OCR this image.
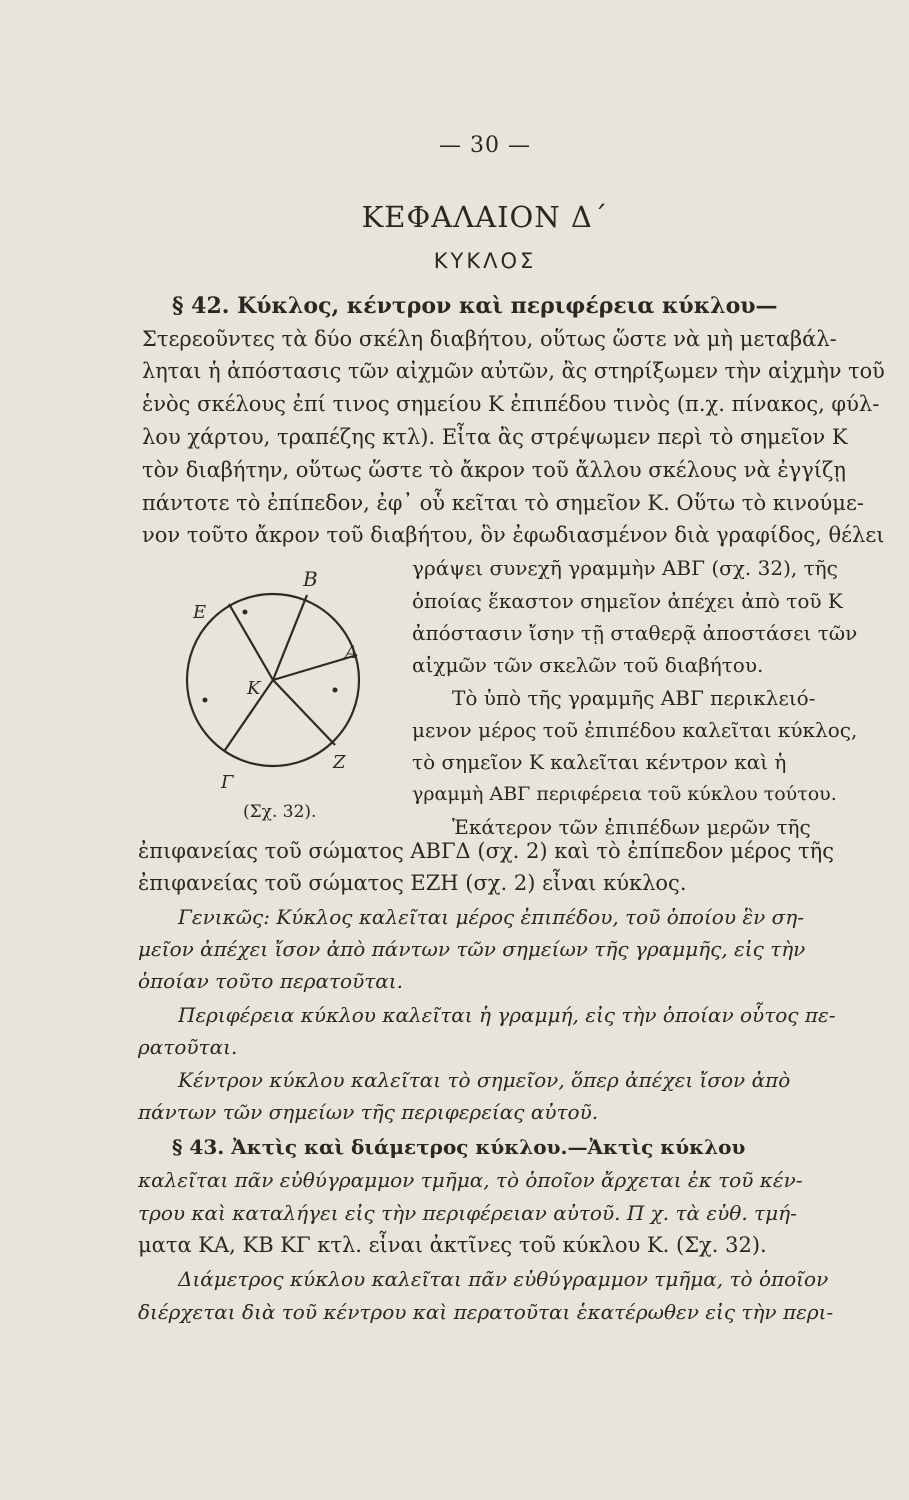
— 30 —
ΚΕΦΑΛΑΙΟΝ Δ΄
ΚΥΚΛΟΣ
§ 42. Κύκλος, κέντρον καὶ περιφέρεια κύκλου—
Στερεοῦντες τὰ δύο σκέλη διαβήτου, οὕτως ὥστε νὰ μὴ μεταβάλ-
ληται ἡ ἀπόστασις τῶν αἰχμῶν αὐτῶν, ἂς στηρίξωμεν τὴν αἰχμὴν τοῦ
ἑνὸς σκέλους ἐπί τινος σημείου Κ ἐπιπέδου τινὸς (π.χ. πίνακος, φύλ-
λου χάρτου, τραπέζης κτλ). Εἶτα ἂς στρέψωμεν περὶ τὸ σημεῖον Κ
τὸν διαβήτην, οὕτως ὥστε τὸ ἄκρον τοῦ ἄλλου σκέλους νὰ ἐγγίζῃ
πάντοτε τὸ ἐπίπεδον, ἐφ᾽ οὗ κεῖται τὸ σημεῖον Κ. Οὕτω τὸ κινούμε-
νον τοῦτο ἄκρον τοῦ διαβήτου, ὃν ἐφωδιασμένον διὰ γραφίδος, θέλει
γράψει συνεχῆ γραμμὴν ΑΒΓ (σχ. 32), τῆς
ὁποίας ἕκαστον σημεῖον ἀπέχει ἀπὸ τοῦ Κ
ἀπόστασιν ἴσην τῇ σταθερᾷ ἀποστάσει τῶν
αἰχμῶν τῶν σκελῶν τοῦ διαβήτου.
Τὸ ὑπὸ τῆς γραμμῆς ΑΒΓ περικλειό-
μενον μέρος τοῦ ἐπιπέδου καλεῖται κύκλος,
τὸ σημεῖον Κ καλεῖται κέντρον καὶ ἡ
γραμμὴ ΑΒΓ περιφέρεια τοῦ κύκλου τούτου.
Ἑκάτερον τῶν ἐπιπέδων μερῶν τῆς
E
B
A
K
Z
Γ
(Σχ. 32).
ἐπιφανείας τοῦ σώματος ΑΒΓΔ (σχ. 2) καὶ τὸ ἐπίπεδον μέρος τῆς
ἐπιφανείας τοῦ σώματος ΕΖΗ (σχ. 2) εἶναι κύκλος.
Γενικῶς: Κύκλος καλεῖται μέρος ἐπιπέδου, τοῦ ὁποίου ἓν ση-
μεῖον ἀπέχει ἴσον ἀπὸ πάντων τῶν σημείων τῆς γραμμῆς, εἰς τὴν
ὁποίαν τοῦτο περατοῦται.
Περιφέρεια κύκλου καλεῖται ἡ γραμμή, εἰς τὴν ὁποίαν οὗτος πε-
ρατοῦται.
Κέντρον κύκλου καλεῖται τὸ σημεῖον, ὅπερ ἀπέχει ἴσον ἀπὸ
πάντων τῶν σημείων τῆς περιφερείας αὐτοῦ.
§ 43. Ἀκτὶς καὶ διάμετρος κύκλου.—Ἀκτὶς κύκλου
καλεῖται πᾶν εὐθύγραμμον τμῆμα, τὸ ὁποῖον ἄρχεται ἐκ τοῦ κέν-
τρου καὶ καταλήγει εἰς τὴν περιφέρειαν αὐτοῦ. Π χ. τὰ εὐθ. τμή-
ματα ΚΑ, ΚΒ ΚΓ κτλ. εἶναι ἀκτῖνες τοῦ κύκλου Κ. (Σχ. 32).
Διάμετρος κύκλου καλεῖται πᾶν εὐθύγραμμον τμῆμα, τὸ ὁποῖον
διέρχεται διὰ τοῦ κέντρου καὶ περατοῦται ἑκατέρωθεν εἰς τὴν περι-
